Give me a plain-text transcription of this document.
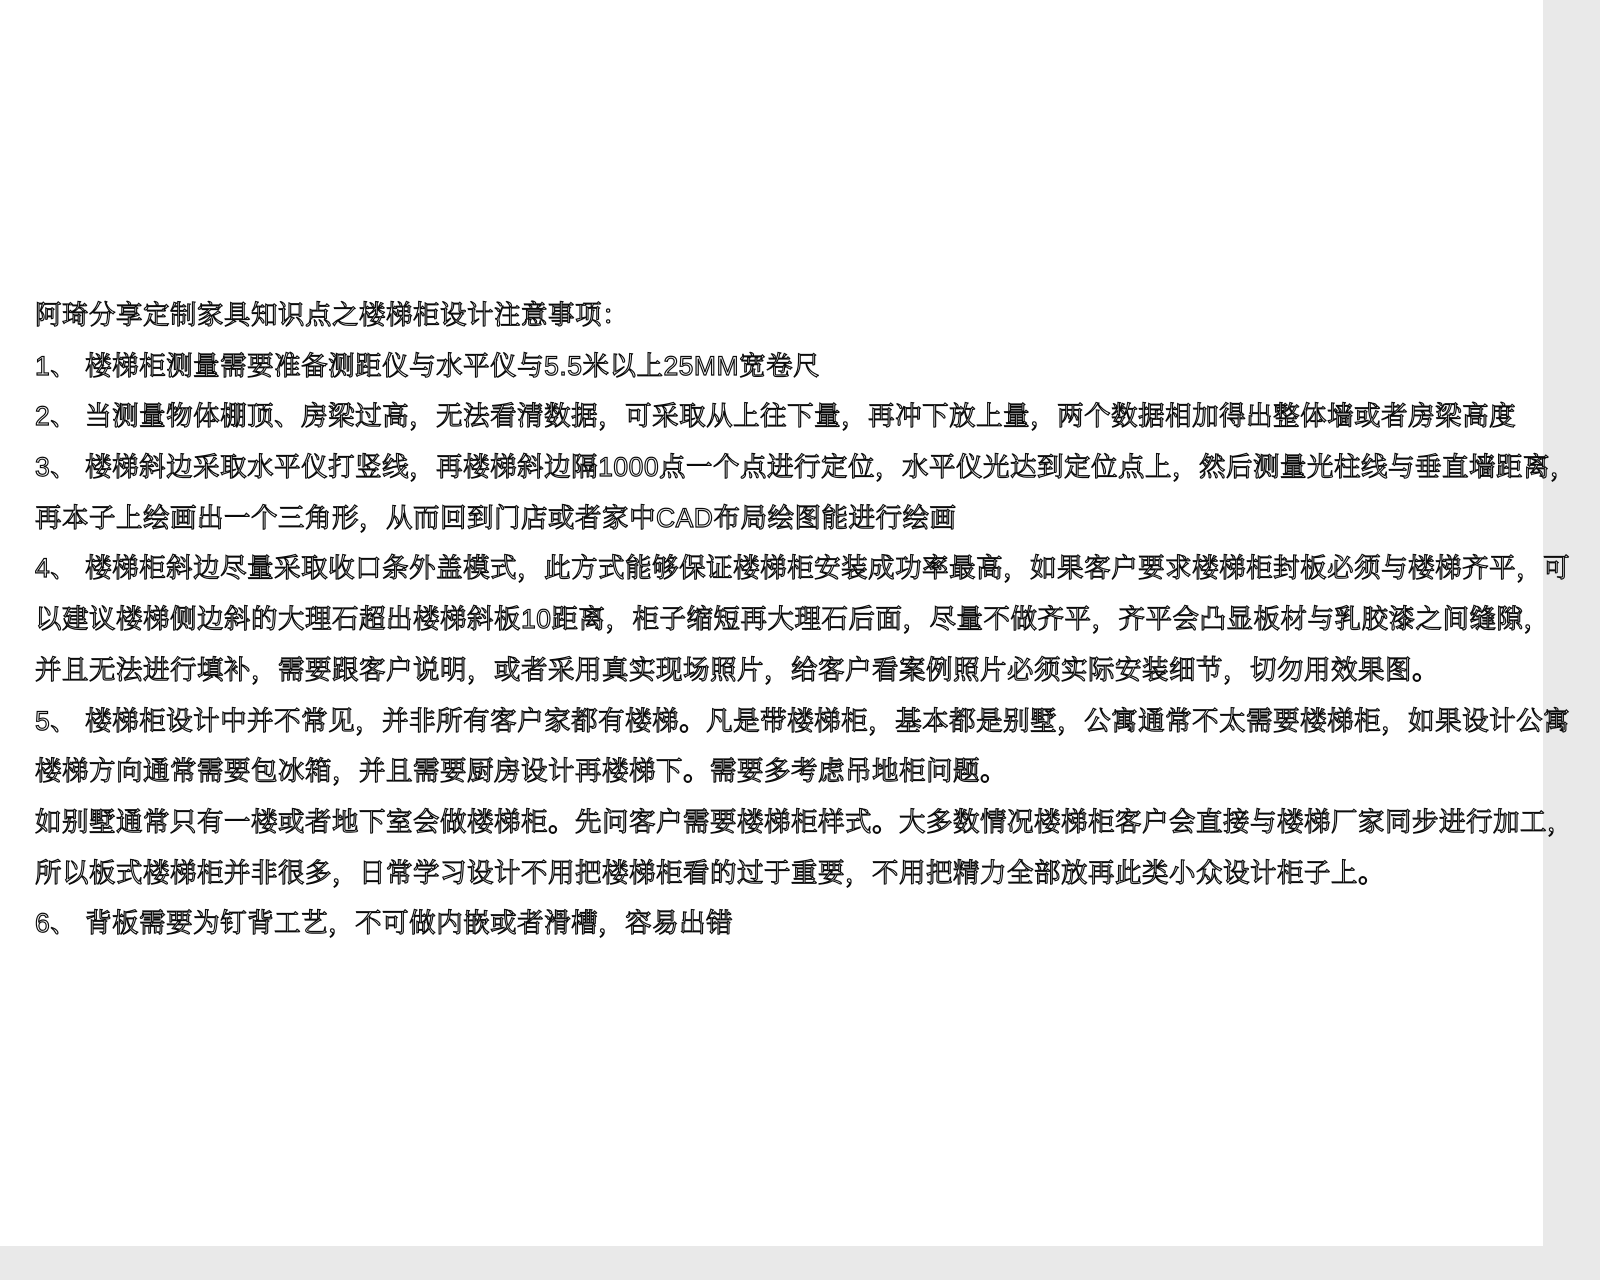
阿琦分享定制家具知识点之楼梯柜设计注意事项：
1、 楼梯柜测量需要准备测距仪与水平仪与5.5米以上25MM宽卷尺
2、 当测量物体棚顶、房梁过高，无法看清数据，可采取从上往下量，再冲下放上量，两个数据相加得出整体墙或者房梁高度
3、 楼梯斜边采取水平仪打竖线，再楼梯斜边隔1000点一个点进行定位，水平仪光达到定位点上，然后测量光柱线与垂直墙距离，
再本子上绘画出一个三角形，从而回到门店或者家中CAD布局绘图能进行绘画
4、 楼梯柜斜边尽量采取收口条外盖模式，此方式能够保证楼梯柜安装成功率最高，如果客户要求楼梯柜封板必须与楼梯齐平，可
以建议楼梯侧边斜的大理石超出楼梯斜板10距离，柜子缩短再大理石后面，尽量不做齐平，齐平会凸显板材与乳胶漆之间缝隙，
并且无法进行填补，需要跟客户说明，或者采用真实现场照片，给客户看案例照片必须实际安装细节，切勿用效果图。
5、 楼梯柜设计中并不常见，并非所有客户家都有楼梯。凡是带楼梯柜，基本都是别墅，公寓通常不太需要楼梯柜，如果设计公寓
楼梯方向通常需要包冰箱，并且需要厨房设计再楼梯下。需要多考虑吊地柜问题。
如别墅通常只有一楼或者地下室会做楼梯柜。先问客户需要楼梯柜样式。大多数情况楼梯柜客户会直接与楼梯厂家同步进行加工，
所以板式楼梯柜并非很多，日常学习设计不用把楼梯柜看的过于重要，不用把精力全部放再此类小众设计柜子上。
6、 背板需要为钉背工艺，不可做内嵌或者滑槽，容易出错
